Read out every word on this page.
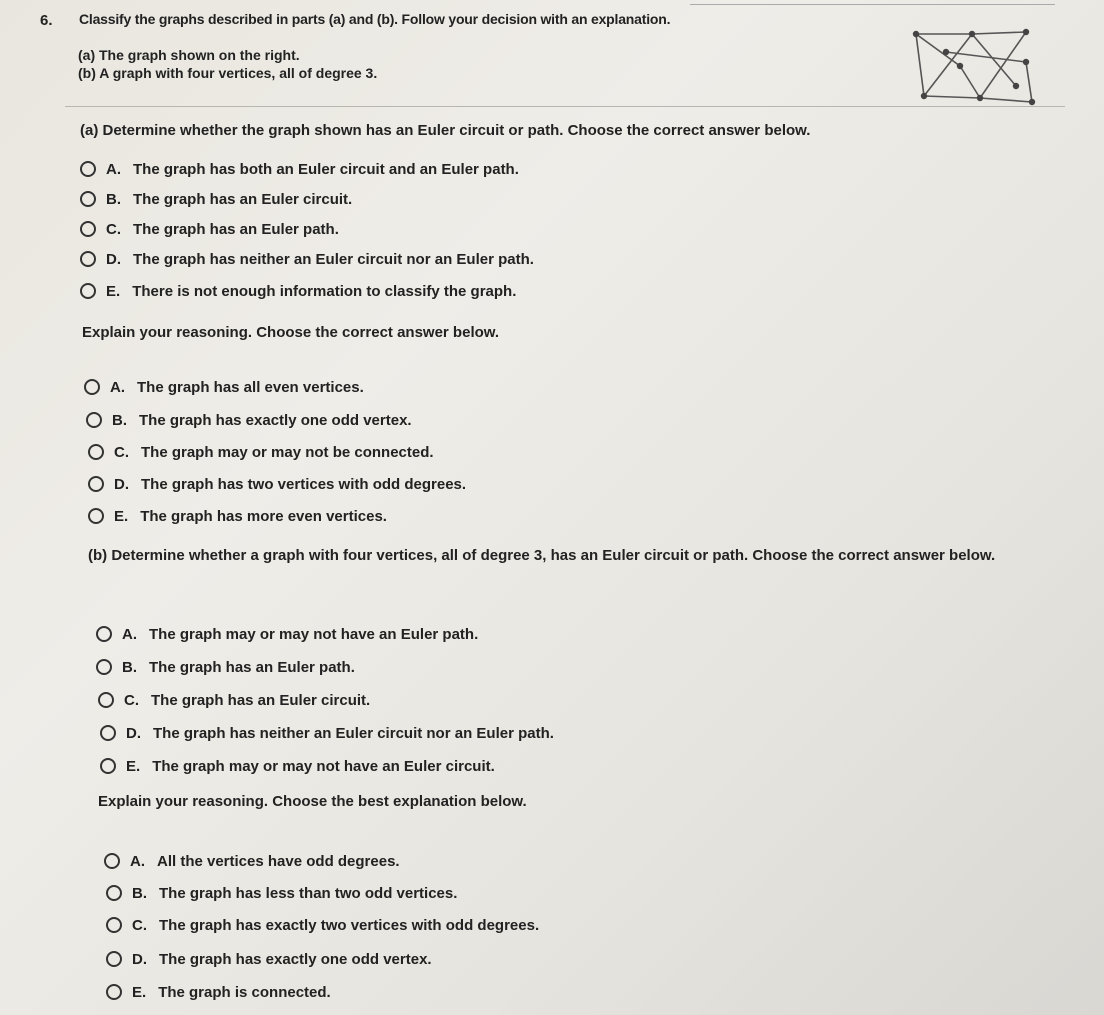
6. Classify the graphs described in parts (a) and (b). Follow your decision with an explanation.
(a) The graph shown on the right.
(b) A graph with four vertices, all of degree 3.
(a) Determine whether the graph shown has an Euler circuit or path. Choose the correct answer below.
A. The graph has both an Euler circuit and an Euler path.
B. The graph has an Euler circuit.
C. The graph has an Euler path.
D. The graph has neither an Euler circuit nor an Euler path.
E. There is not enough information to classify the graph.
Explain your reasoning. Choose the correct answer below.
A. The graph has all even vertices.
B. The graph has exactly one odd vertex.
C. The graph may or may not be connected.
D. The graph has two vertices with odd degrees.
E. The graph has more even vertices.
(b) Determine whether a graph with four vertices, all of degree 3, has an Euler circuit or path. Choose the correct answer below.
A. The graph may or may not have an Euler path.
B. The graph has an Euler path.
C. The graph has an Euler circuit.
D. The graph has neither an Euler circuit nor an Euler path.
E. The graph may or may not have an Euler circuit.
Explain your reasoning. Choose the best explanation below.
A. All the vertices have odd degrees.
B. The graph has less than two odd vertices.
C. The graph has exactly two vertices with odd degrees.
D. The graph has exactly one odd vertex.
E. The graph is connected.
